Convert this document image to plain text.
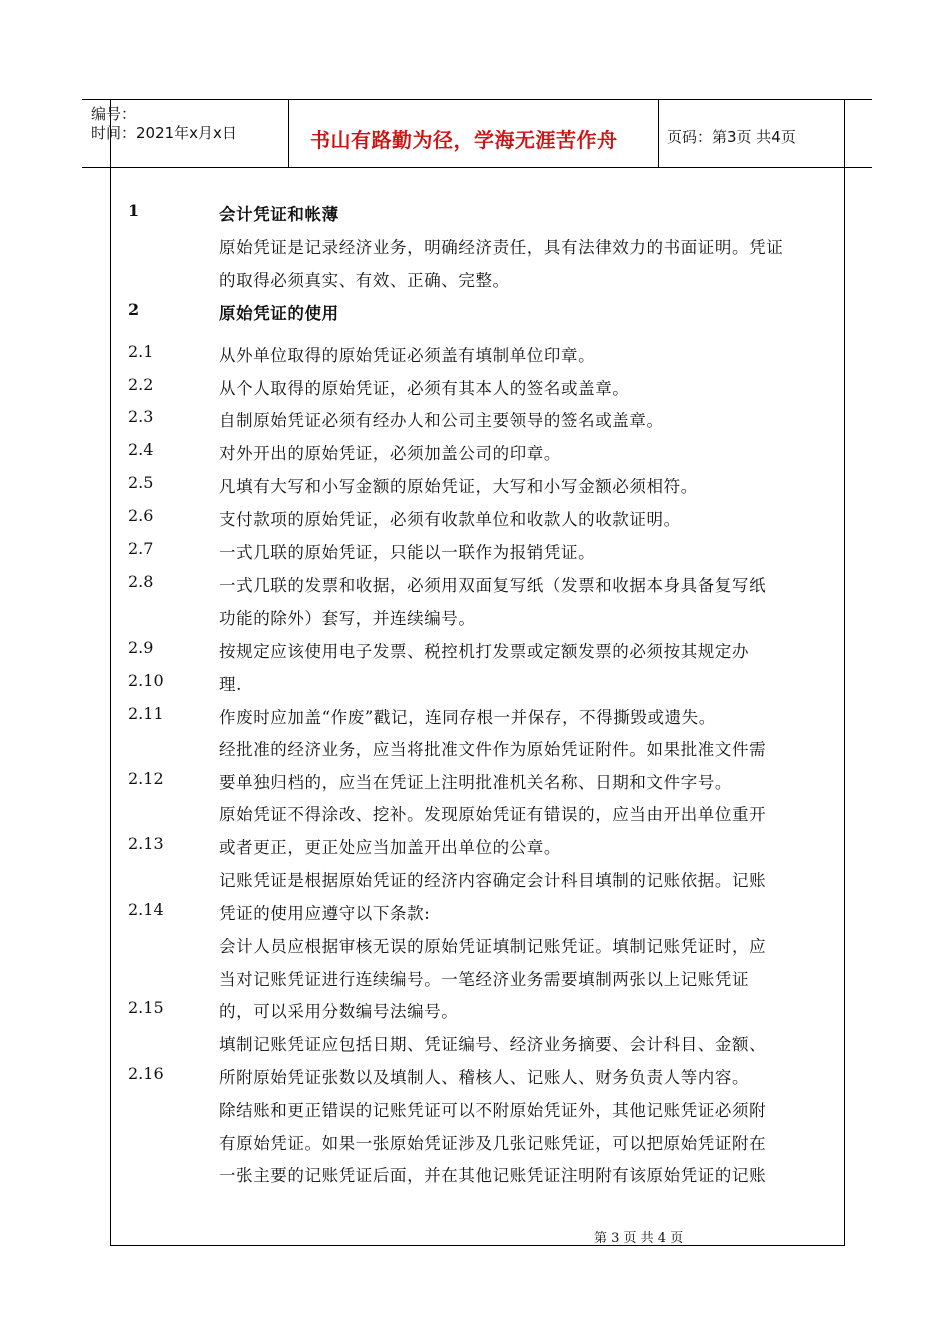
编号：
时间：2021年x月x日	书山有路勤为径，学海无涯苦作舟	页码：第3页 共4页
1
2
2.1
2.2
2.3
2.4
2.5
2.6
2.7
2.8
2.9
2.10
2.11
2.12
2.13
2.14
2.15
2.16
会计凭证和帐薄
原始凭证是记录经济业务，明确经济责任，具有法律效力的书面证明。凭证
的取得必须真实、有效、正确、完整。
原始凭证的使用
从外单位取得的原始凭证必须盖有填制单位印章。
从个人取得的原始凭证，必须有其本人的签名或盖章。
自制原始凭证必须有经办人和公司主要领导的签名或盖章。
对外开出的原始凭证，必须加盖公司的印章。
凡填有大写和小写金额的原始凭证，大写和小写金额必须相符。
支付款项的原始凭证，必须有收款单位和收款人的收款证明。
一式几联的原始凭证，只能以一联作为报销凭证。
一式几联的发票和收据，必须用双面复写纸（发票和收据本身具备复写纸
功能的除外）套写，并连续编号。
按规定应该使用电子发票、税控机打发票或定额发票的必须按其规定办
理.
作废时应加盖“作废”戳记，连同存根一并保存，不得撕毁或遗失。
经批准的经济业务，应当将批准文件作为原始凭证附件。如果批准文件需
要单独归档的，应当在凭证上注明批准机关名称、日期和文件字号。
原始凭证不得涂改、挖补。发现原始凭证有错误的，应当由开出单位重开
或者更正，更正处应当加盖开出单位的公章。
记账凭证是根据原始凭证的经济内容确定会计科目填制的记账依据。记账
凭证的使用应遵守以下条款:
会计人员应根据审核无误的原始凭证填制记账凭证。填制记账凭证时，应
当对记账凭证进行连续编号。一笔经济业务需要填制两张以上记账凭证
的，可以采用分数编号法编号。
填制记账凭证应包括日期、凭证编号、经济业务摘要、会计科目、金额、
所附原始凭证张数以及填制人、稽核人、记账人、财务负责人等内容。
除结账和更正错误的记账凭证可以不附原始凭证外，其他记账凭证必须附
有原始凭证。如果一张原始凭证涉及几张记账凭证，可以把原始凭证附在
一张主要的记账凭证后面，并在其他记账凭证注明附有该原始凭证的记账
第 3 页 共 4 页
